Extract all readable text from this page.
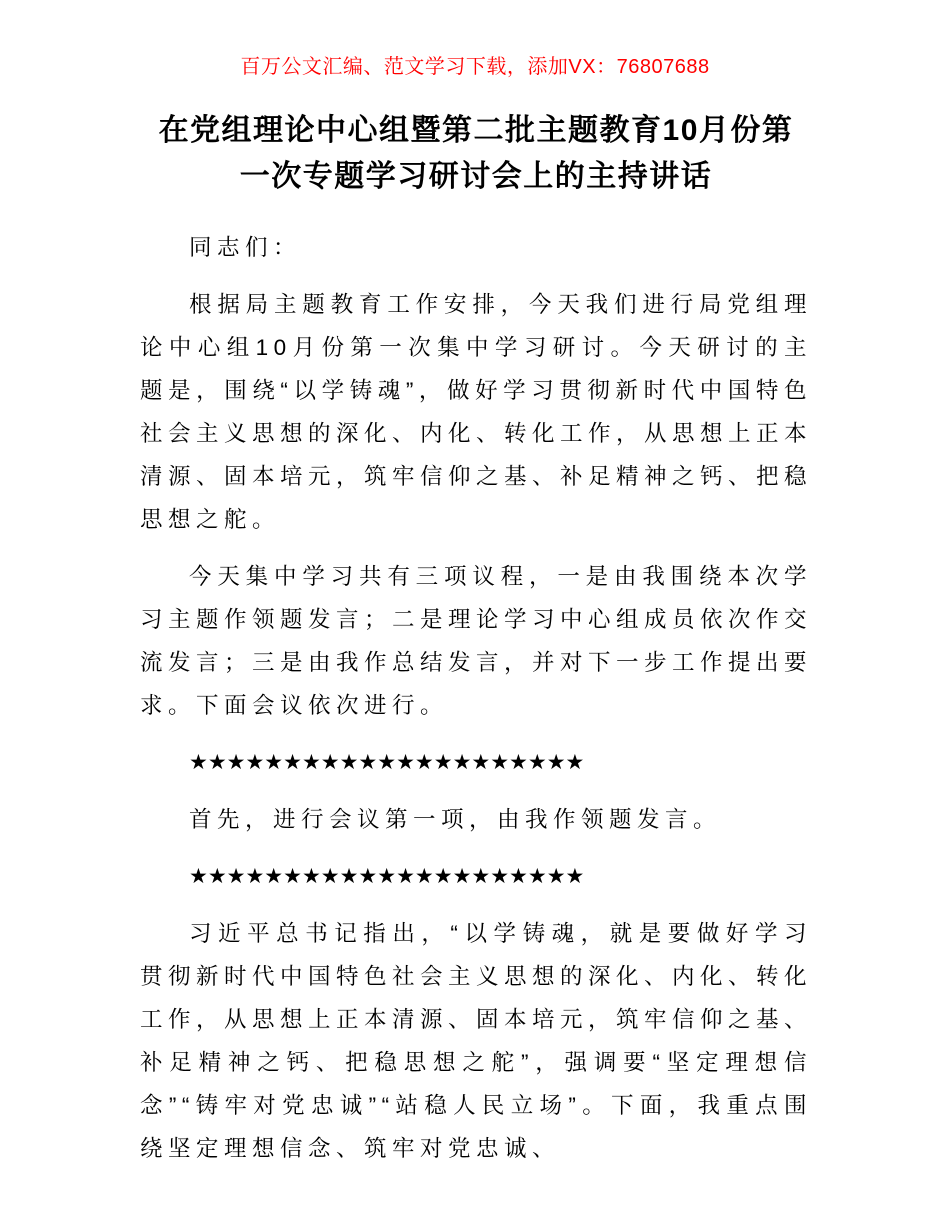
百万公文汇编、范文学习下载，添加VX：76807688
在党组理论中心组暨第二批主题教育10月份第
一次专题学习研讨会上的主持讲话

同志们：

根据局主题教育工作安排，今天我们进行局党组理论中心组10月份第一次集中学习研讨。今天研讨的主题是，围绕“以学铸魂”，做好学习贯彻新时代中国特色社会主义思想的深化、内化、转化工作，从思想上正本清源、固本培元，筑牢信仰之基、补足精神之钙、把稳思想之舵。

今天集中学习共有三项议程，一是由我围绕本次学习主题作领题发言；二是理论学习中心组成员依次作交流发言；三是由我作总结发言，并对下一步工作提出要求。下面会议依次进行。

★★★★★★★★★★★★★★★★★★★★★

首先，进行会议第一项，由我作领题发言。

★★★★★★★★★★★★★★★★★★★★★

习近平总书记指出，“以学铸魂，就是要做好学习贯彻新时代中国特色社会主义思想的深化、内化、转化工作，从思想上正本清源、固本培元，筑牢信仰之基、补足精神之钙、把稳思想之舵”，强调要“坚定理想信念”“铸牢对党忠诚”“站稳人民立场”。下面，我重点围绕坚定理想信念、筑牢对党忠诚、
